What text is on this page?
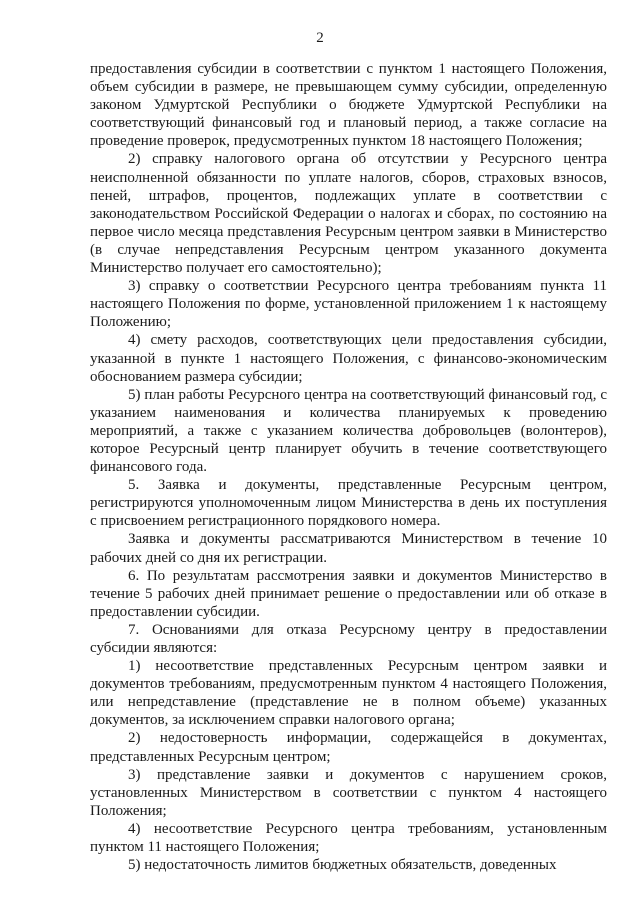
2

предоставления субсидии в соответствии с пунктом 1 настоящего Положения, объем субсидии в размере, не превышающем сумму субсидии, определенную законом Удмуртской Республики о бюджете Удмуртской Республики на соответствующий финансовый год и плановый период, а также согласие на проведение проверок, предусмотренных пунктом 18 настоящего Положения;

2) справку налогового органа об отсутствии у Ресурсного центра неисполненной обязанности по уплате налогов, сборов, страховых взносов, пеней, штрафов, процентов, подлежащих уплате в соответствии с законодательством Российской Федерации о налогах и сборах, по состоянию на первое число месяца представления Ресурсным центром заявки в Министерство (в случае непредставления Ресурсным центром указанного документа Министерство получает его самостоятельно);

3) справку о соответствии Ресурсного центра требованиям пункта 11 настоящего Положения по форме, установленной приложением 1 к настоящему Положению;

4) смету расходов, соответствующих цели предоставления субсидии, указанной в пункте 1 настоящего Положения, с финансово-экономическим обоснованием размера субсидии;

5) план работы Ресурсного центра на соответствующий финансовый год, с указанием наименования и количества планируемых к проведению мероприятий, а также с указанием количества добровольцев (волонтеров), которое Ресурсный центр планирует обучить в течение соответствующего финансового года.

5. Заявка и документы, представленные Ресурсным центром, регистрируются уполномоченным лицом Министерства в день их поступления с присвоением регистрационного порядкового номера.

Заявка и документы рассматриваются Министерством в течение 10 рабочих дней со дня их регистрации.

6. По результатам рассмотрения заявки и документов Министерство в течение 5 рабочих дней принимает решение о предоставлении или об отказе в предоставлении субсидии.

7. Основаниями для отказа Ресурсному центру в предоставлении субсидии являются:

1) несоответствие представленных Ресурсным центром заявки и документов требованиям, предусмотренным пунктом 4 настоящего Положения, или непредставление (представление не в полном объеме) указанных документов, за исключением справки налогового органа;

2) недостоверность информации, содержащейся в документах, представленных Ресурсным центром;

3) представление заявки и документов с нарушением сроков, установленных Министерством в соответствии с пунктом 4 настоящего Положения;

4) несоответствие Ресурсного центра требованиям, установленным пунктом 11 настоящего Положения;

5) недостаточность лимитов бюджетных обязательств, доведенных
